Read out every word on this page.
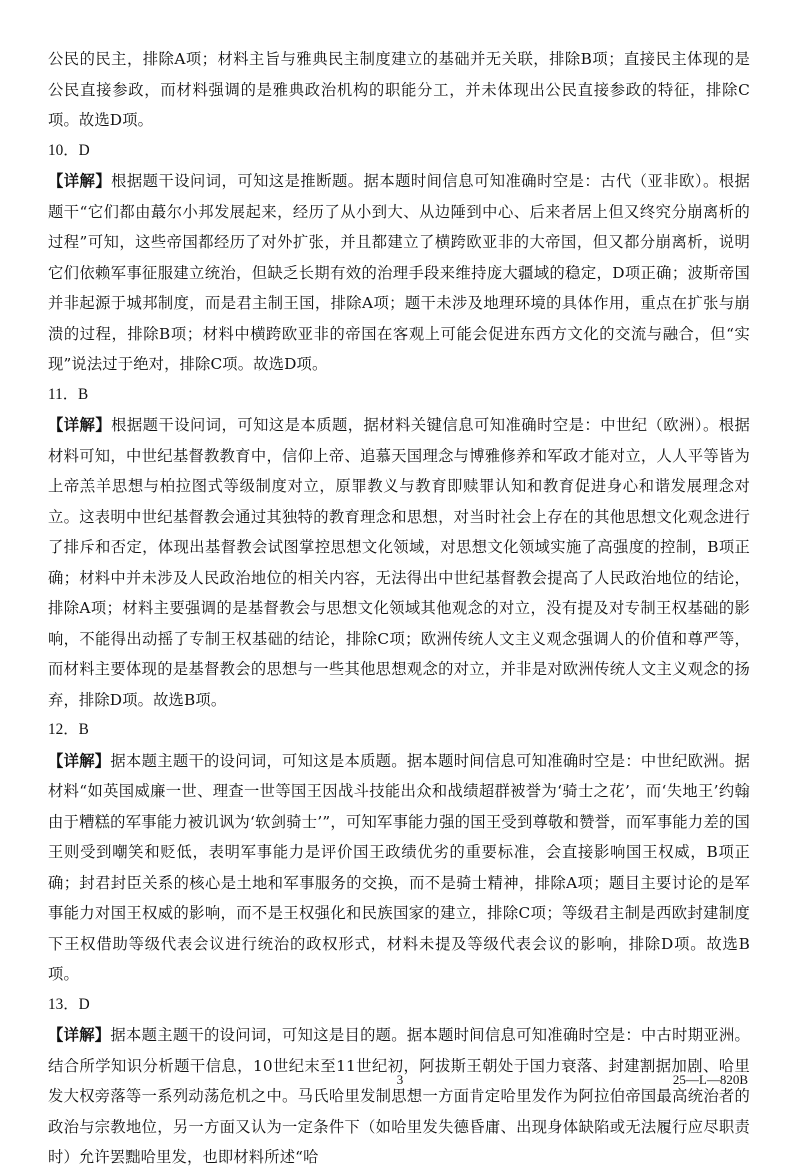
公民的民主，排除A项；材料主旨与雅典民主制度建立的基础并无关联，排除B项；直接民主体现的是公民直接参政，而材料强调的是雅典政治机构的职能分工，并未体现出公民直接参政的特征，排除C项。故选D项。

10．D

【详解】根据题干设问词，可知这是推断题。据本题时间信息可知准确时空是：古代（亚非欧）。根据题干“它们都由蕞尔小邦发展起来，经历了从小到大、从边陲到中心、后来者居上但又终究分崩离析的过程”可知，这些帝国都经历了对外扩张，并且都建立了横跨欧亚非的大帝国，但又都分崩离析，说明它们依赖军事征服建立统治，但缺乏长期有效的治理手段来维持庞大疆域的稳定，D项正确；波斯帝国并非起源于城邦制度，而是君主制王国，排除A项；题干未涉及地理环境的具体作用，重点在扩张与崩溃的过程，排除B项；材料中横跨欧亚非的帝国在客观上可能会促进东西方文化的交流与融合，但“实现”说法过于绝对，排除C项。故选D项。

11．B

【详解】根据题干设问词，可知这是本质题，据材料关键信息可知准确时空是：中世纪（欧洲）。根据材料可知，中世纪基督教教育中，信仰上帝、追慕天国理念与博雅修养和军政才能对立，人人平等皆为上帝羔羊思想与柏拉图式等级制度对立，原罪教义与教育即赎罪认知和教育促进身心和谐发展理念对立。这表明中世纪基督教会通过其独特的教育理念和思想，对当时社会上存在的其他思想文化观念进行了排斥和否定，体现出基督教会试图掌控思想文化领域，对思想文化领域实施了高强度的控制，B项正确；材料中并未涉及人民政治地位的相关内容，无法得出中世纪基督教会提高了人民政治地位的结论，排除A项；材料主要强调的是基督教会与思想文化领域其他观念的对立，没有提及对专制王权基础的影响，不能得出动摇了专制王权基础的结论，排除C项；欧洲传统人文主义观念强调人的价值和尊严等，而材料主要体现的是基督教会的思想与一些其他思想观念的对立，并非是对欧洲传统人文主义观念的扬弃，排除D项。故选B项。

12．B

【详解】据本题主题干的设问词，可知这是本质题。据本题时间信息可知准确时空是：中世纪欧洲。据材料“如英国威廉一世、理查一世等国王因战斗技能出众和战绩超群被誉为‘骑士之花’，而‘失地王’约翰由于糟糕的军事能力被讥讽为‘软剑骑士’”，可知军事能力强的国王受到尊敬和赞誉，而军事能力差的国王则受到嘲笑和贬低，表明军事能力是评价国王政绩优劣的重要标准，会直接影响国王权威，B项正确；封君封臣关系的核心是土地和军事服务的交换，而不是骑士精神，排除A项；题目主要讨论的是军事能力对国王权威的影响，而不是王权强化和民族国家的建立，排除C项；等级君主制是西欧封建制度下王权借助等级代表会议进行统治的政权形式，材料未提及等级代表会议的影响，排除D项。故选B项。

13．D

【详解】据本题主题干的设问词，可知这是目的题。据本题时间信息可知准确时空是：中古时期亚洲。结合所学知识分析题干信息，10世纪末至11世纪初，阿拔斯王朝处于国力衰落、封建割据加剧、哈里发大权旁落等一系列动荡危机之中。马氏哈里发制思想一方面肯定哈里发作为阿拉伯帝国最高统治者的政治与宗教地位，另一方面又认为一定条件下（如哈里发失德昏庸、出现身体缺陷或无法履行应尽职责时）允许罢黜哈里发，也即材料所述“哈

3	25—L—820B
